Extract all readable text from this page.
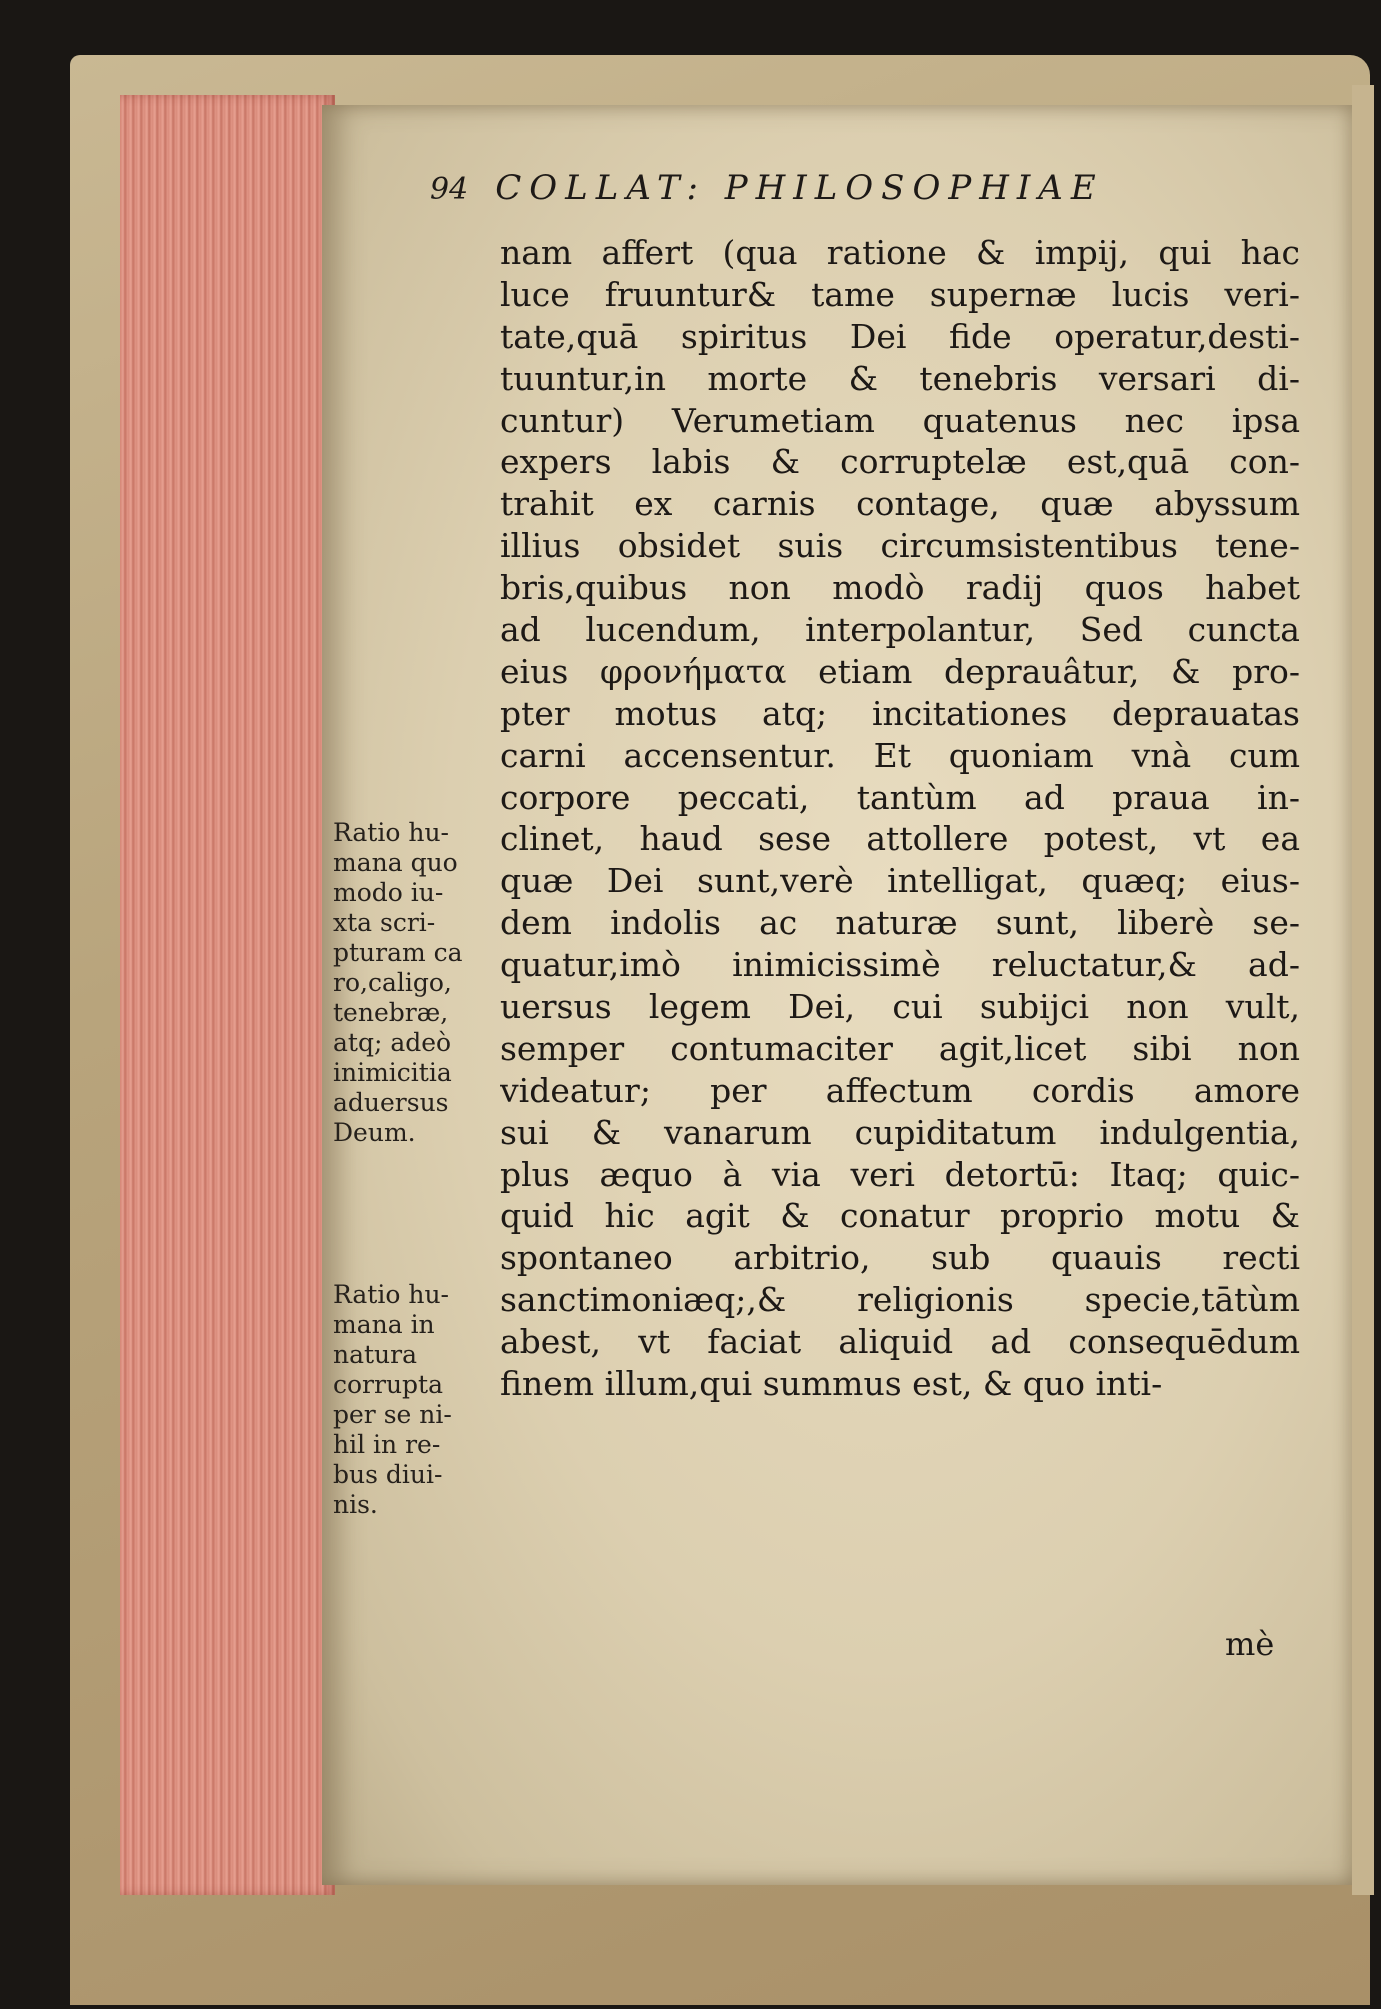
94 COLLAT: PHILOSOPHIAE
nam affert (qua ratione & impij, qui hac
luce fruuntur& tame supernæ lucis veri-
tate,quā spiritus Dei fide operatur,desti-
tuuntur,in morte & tenebris versari di-
cuntur) Verumetiam quatenus nec ipsa
expers labis & corruptelæ est,quā con-
trahit ex carnis contage, quæ abyssum
illius obsidet suis circumsistentibus tene-
bris,quibus non modò radij quos habet
ad lucendum, interpolantur, Sed cuncta
eius φρονήματα etiam deprauâtur, & pro-
pter motus atq; incitationes deprauatas
carni accensentur. Et quoniam vnà cum
corpore peccati, tantùm ad praua in-
clinet, haud sese attollere potest, vt ea
quæ Dei sunt,verè intelligat, quæq; eius-
dem indolis ac naturæ sunt, liberè se-
quatur,imò inimicissimè reluctatur,& ad-
uersus legem Dei, cui subijci non vult,
semper contumaciter agit,licet sibi non
videatur; per affectum cordis amore
sui & vanarum cupiditatum indulgentia,
plus æquo à via veri detortū: Itaq; quic-
quid hic agit & conatur proprio motu &
spontaneo arbitrio, sub quauis recti
sanctimoniæq;,& religionis specie,tātùm
abest, vt faciat aliquid ad consequēdum
finem illum,qui summus est, & quo inti-
mè
Ratio hu-
mana quo
modo iu-
xta scri-
pturam ca
ro,caligo,
tenebræ,
atq; adeò
inimicitia
aduersus
Deum.
Ratio hu-
mana in
natura
corrupta
per se ni-
hil in re-
bus diui-
nis.
